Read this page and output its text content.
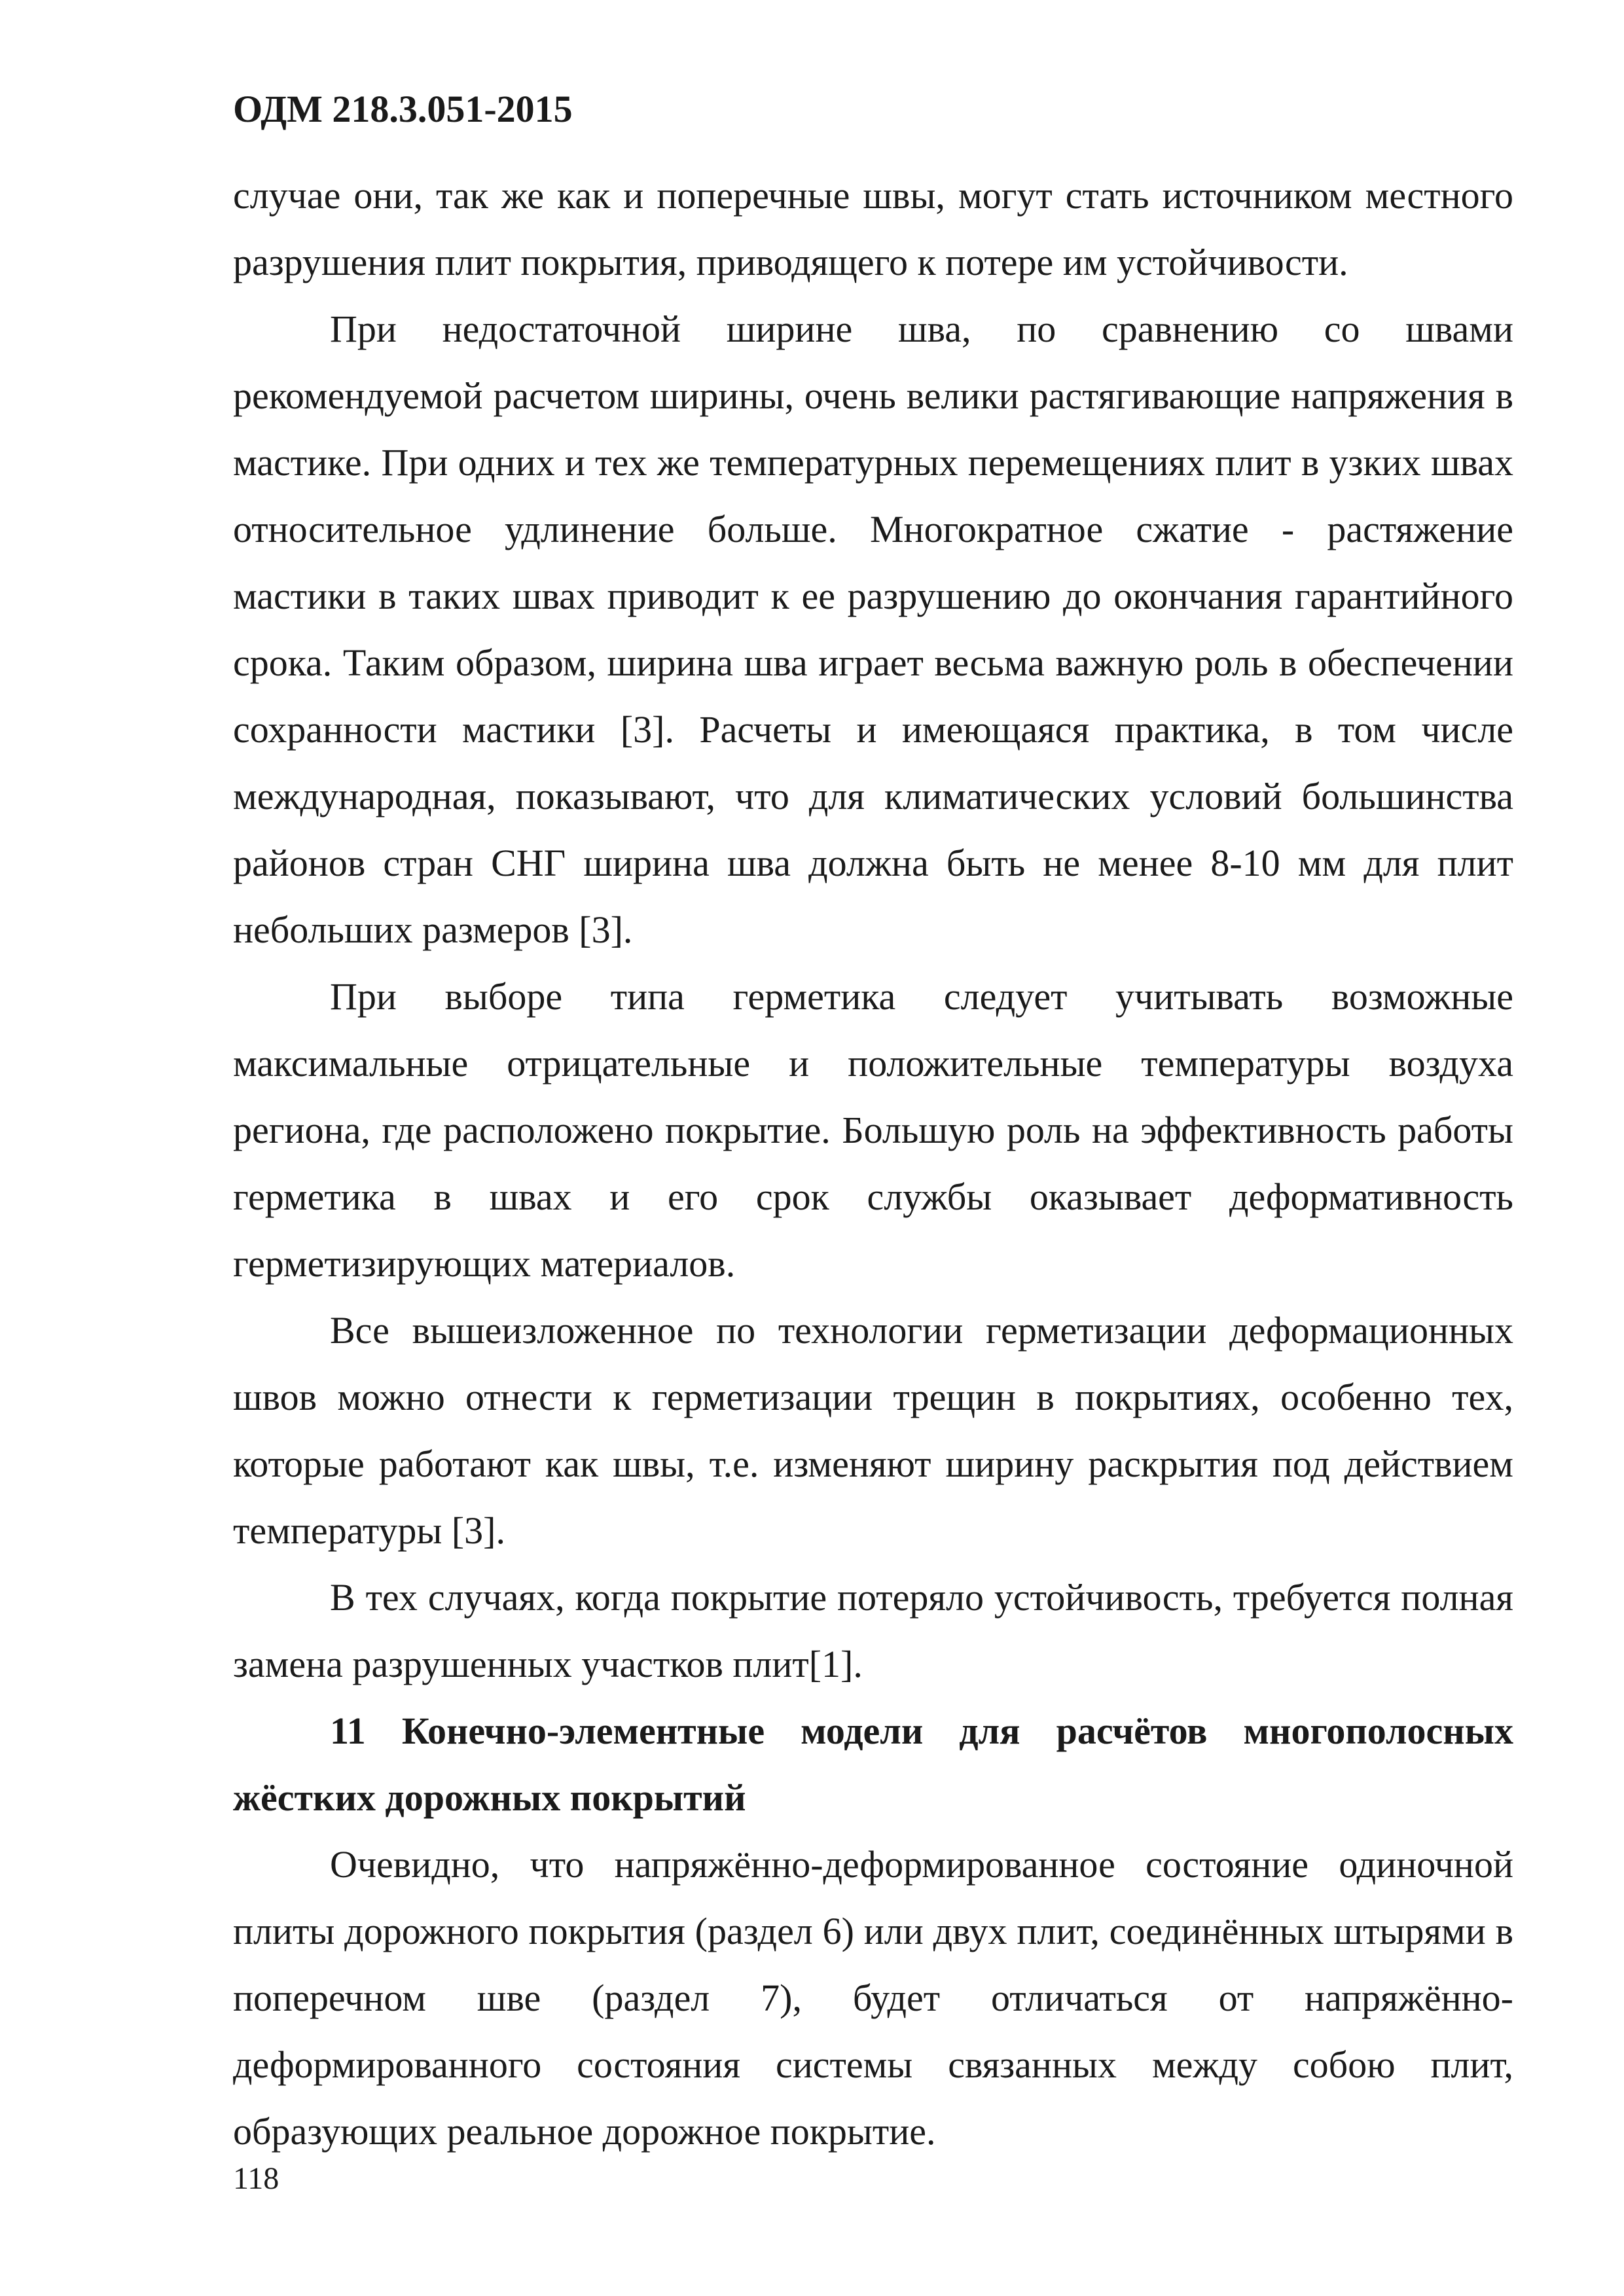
ОДМ 218.3.051-2015

случае они, так же как и поперечные швы, могут стать источником местного разрушения плит покрытия, приводящего к потере им устойчивости.

При недостаточной ширине шва, по сравнению со швами рекомендуемой расчетом ширины, очень велики растягивающие напряжения в мастике. При одних и тех же температурных перемещениях плит в узких швах относительное удлинение больше. Многократное сжатие - растяжение мастики в таких швах приводит к ее разрушению до окончания гарантийного срока. Таким образом, ширина шва играет весьма важную роль в обеспечении сохранности мастики [3]. Расчеты и имеющаяся практика, в том числе международная, показывают, что для климатических условий большинства районов стран СНГ ширина шва должна быть не менее 8-10 мм для плит небольших размеров [3].

При выборе типа герметика следует учитывать возможные максимальные отрицательные и положительные температуры воздуха региона, где расположено покрытие. Большую роль на эффективность работы герметика в швах и его срок службы оказывает деформативность герметизирующих материалов.

Все вышеизложенное по технологии герметизации деформационных швов можно отнести к герметизации трещин в покрытиях, особенно тех, которые работают как швы, т.е. изменяют ширину раскрытия под действием температуры [3].

В тех случаях, когда покрытие потеряло устойчивость, требуется полная замена разрушенных участков плит[1].

11 Конечно-элементные модели для расчётов многополосных жёстких дорожных покрытий

Очевидно, что напряжённо-деформированное состояние одиночной плиты дорожного покрытия (раздел 6) или двух плит, соединённых штырями в поперечном шве (раздел 7), будет отличаться от напряжённо-деформированного состояния системы связанных между собою плит, образующих реальное дорожное покрытие.

118
